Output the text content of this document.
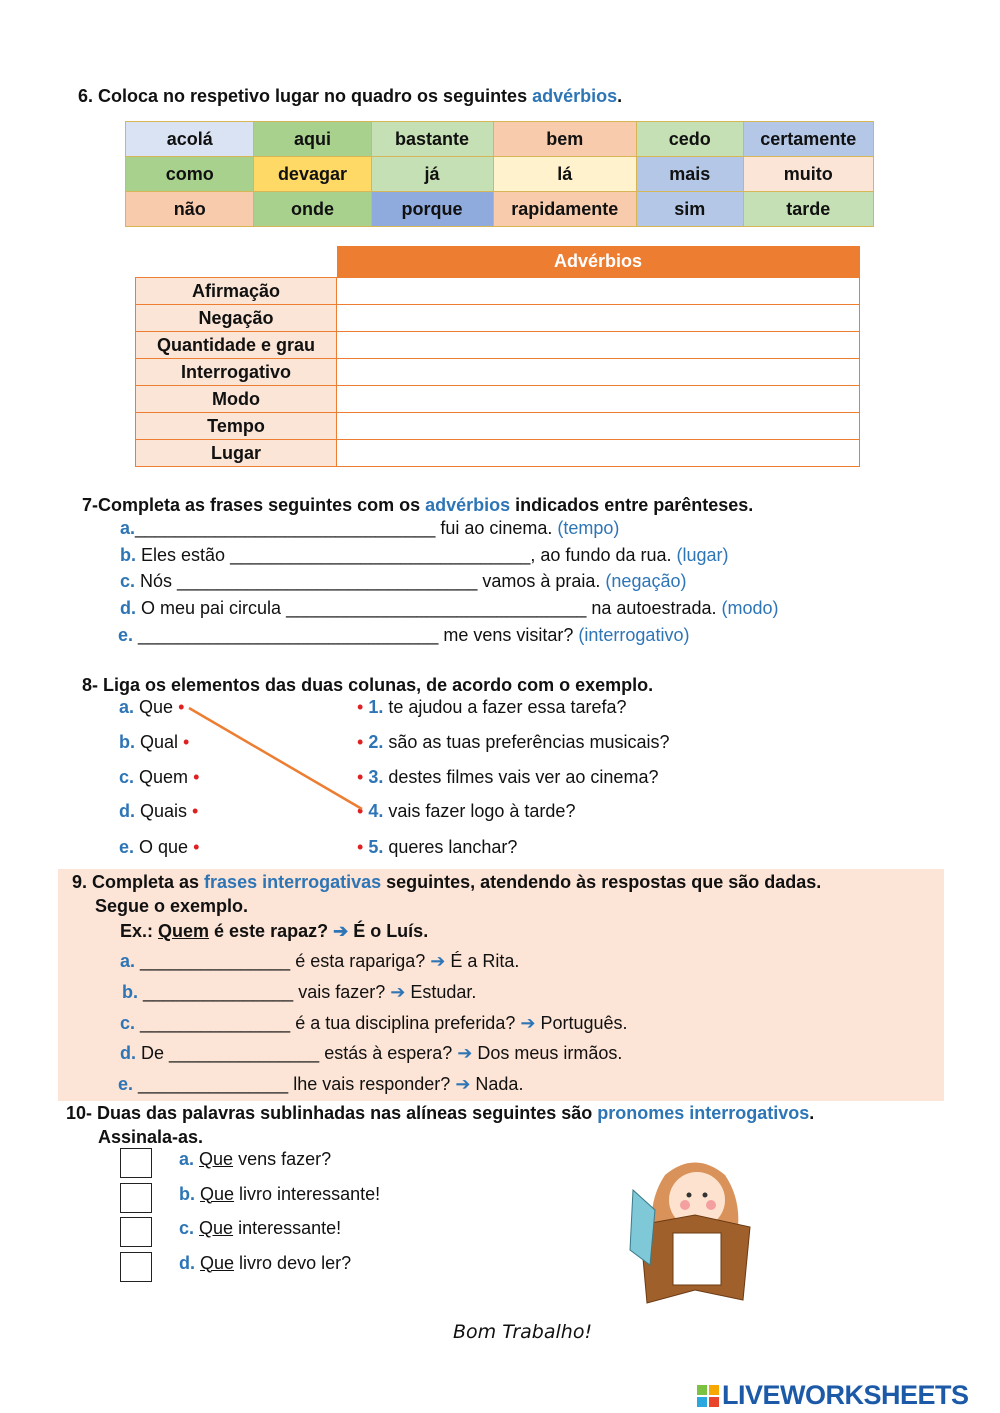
6. Coloca no respetivo lugar no quadro os seguintes advérbios.
acolá	aqui	bastante	bem	cedo	certamente
como	devagar	já	lá	mais	muito
não	onde	porque	rapidamente	sim	tarde
	Advérbios
Afirmação	
Negação	
Quantidade e grau	
Interrogativo	
Modo	
Tempo	
Lugar	
7-Completa as frases seguintes com os advérbios indicados entre parênteses.
a.______________________________ fui ao cinema. (tempo)
b. Eles estão ______________________________, ao fundo da rua. (lugar)
c. Nós ______________________________ vamos à praia. (negação)
d. O meu pai circula ______________________________ na autoestrada. (modo)
e. ______________________________ me vens visitar? (interrogativo)
8- Liga os elementos das duas colunas, de acordo com o exemplo.
a. Que •
b. Qual •
c. Quem •
d. Quais •
e. O que •
• 1. te ajudou a fazer essa tarefa?
• 2. são as tuas preferências musicais?
• 3. destes filmes vais ver ao cinema?
• 4. vais fazer logo à tarde?
• 5. queres lanchar?
9. Completa as frases interrogativas seguintes, atendendo às respostas que são dadas.
Segue o exemplo.
Ex.: Quem é este rapaz? ➔ É o Luís.
a. _______________ é esta rapariga? ➔ É a Rita.
b. _______________ vais fazer? ➔ Estudar.
c. _______________ é a tua disciplina preferida? ➔ Português.
d. De _______________ estás à espera? ➔ Dos meus irmãos.
e. _______________ lhe vais responder? ➔ Nada.
10- Duas das palavras sublinhadas nas alíneas seguintes são pronomes interrogativos.
Assinala-as.
a. Que vens fazer?
b. Que livro interessante!
c. Que interessante!
d. Que livro devo ler?
Bom Trabalho!
LIVEWORKSHEETS
